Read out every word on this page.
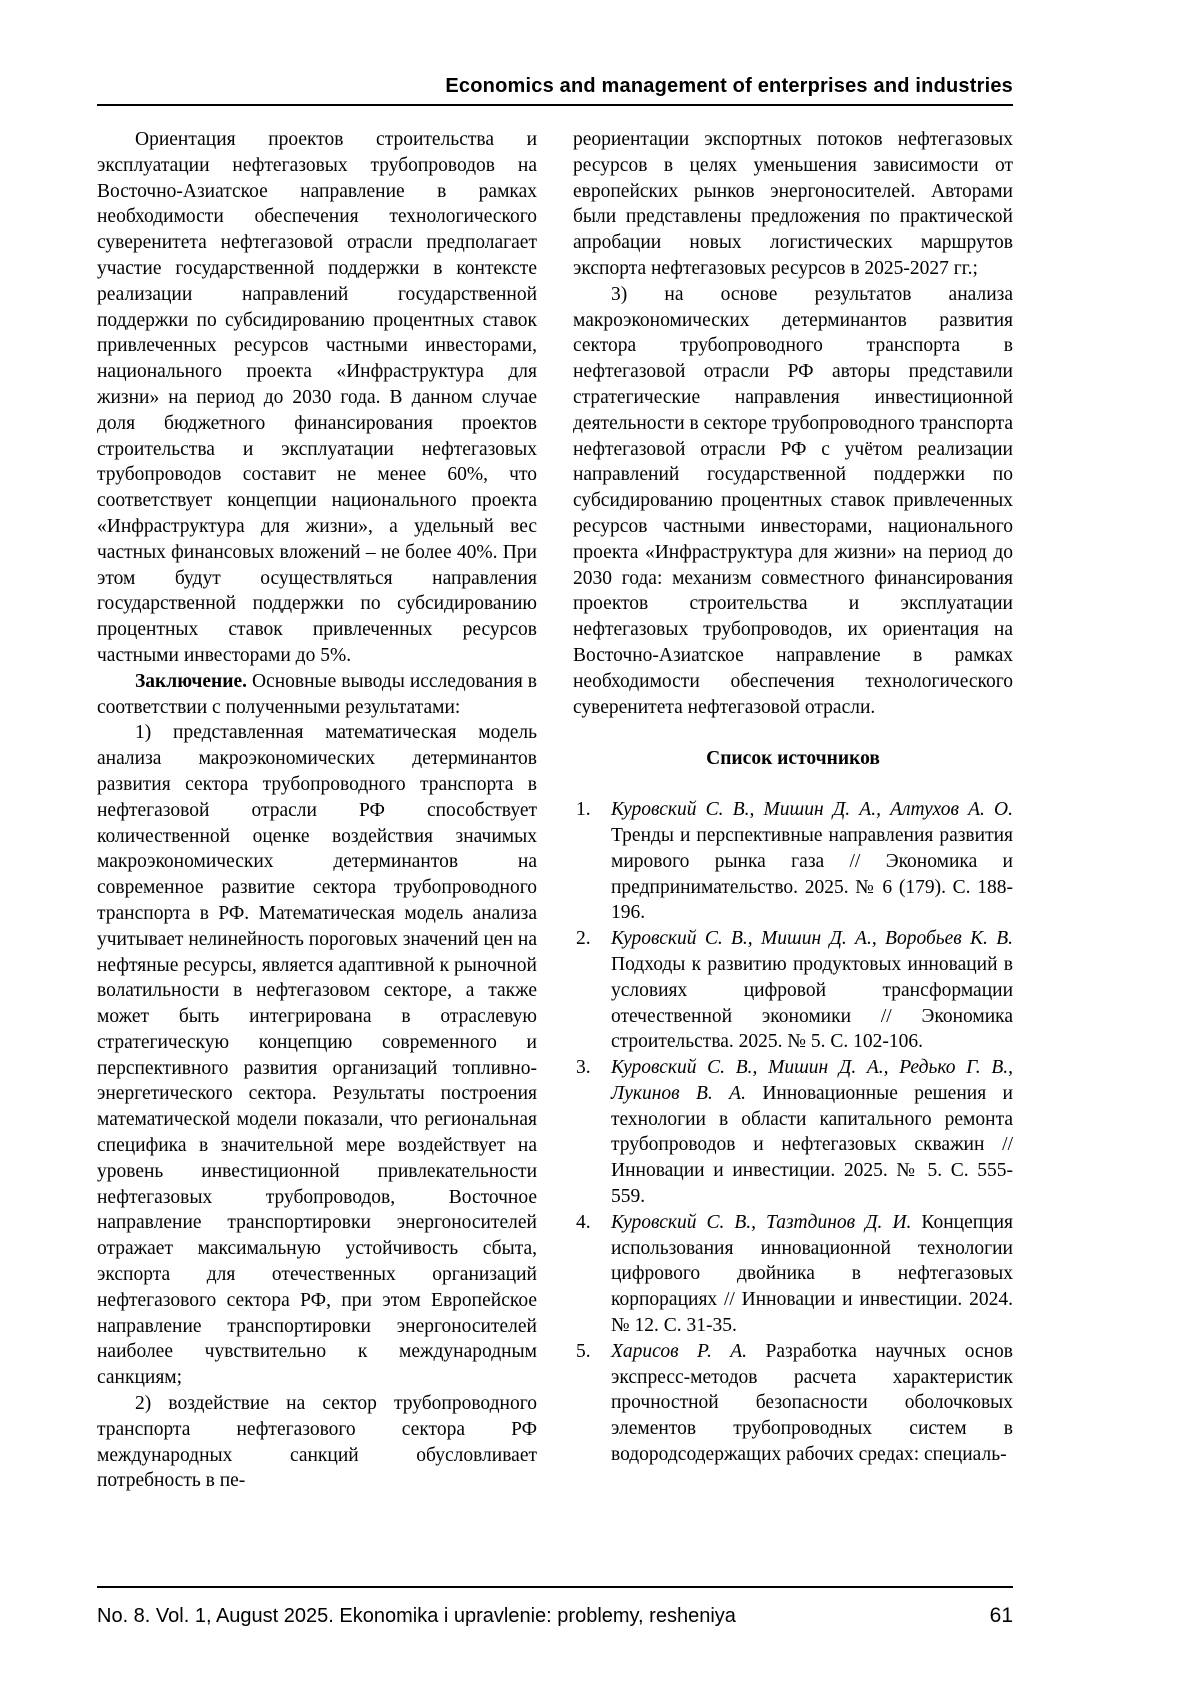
Economics and management of enterprises and industries

Ориентация проектов строительства и эксплуатации нефтегазовых трубопроводов на Восточно-Азиатское направление в рамках необходимости обеспечения технологического суверенитета нефтегазовой отрасли предполагает участие государственной поддержки в контексте реализации направлений государственной поддержки по субсидированию процентных ставок привлеченных ресурсов частными инвесторами, национального проекта «Инфраструктура для жизни» на период до 2030 года. В данном случае доля бюджетного финансирования проектов строительства и эксплуатации нефтегазовых трубопроводов составит не менее 60%, что соответствует концепции национального проекта «Инфраструктура для жизни», а удельный вес частных финансовых вложений – не более 40%. При этом будут осуществляться направления государственной поддержки по субсидированию процентных ставок привлеченных ресурсов частными инвесторами до 5%.

Заключение. Основные выводы исследования в соответствии с полученными результатами:

1) представленная математическая модель анализа макроэкономических детерминантов развития сектора трубопроводного транспорта в нефтегазовой отрасли РФ способствует количественной оценке воздействия значимых макроэкономических детерминантов на современное развитие сектора трубопроводного транспорта в РФ. Математическая модель анализа учитывает нелинейность пороговых значений цен на нефтяные ресурсы, является адаптивной к рыночной волатильности в нефтегазовом секторе, а также может быть интегрирована в отраслевую стратегическую концепцию современного и перспективного развития организаций топливно-энергетического сектора. Результаты построения математической модели показали, что региональная специфика в значительной мере воздействует на уровень инвестиционной привлекательности нефтегазовых трубопроводов, Восточное направление транспортировки энергоносителей отражает максимальную устойчивость сбыта, экспорта для отечественных организаций нефтегазового сектора РФ, при этом Европейское направление транспортировки энергоносителей наиболее чувствительно к международным санкциям;

2) воздействие на сектор трубопроводного транспорта нефтегазового сектора РФ международных санкций обусловливает потребность в пе-

реориентации экспортных потоков нефтегазовых ресурсов в целях уменьшения зависимости от европейских рынков энергоносителей. Авторами были представлены предложения по практической апробации новых логистических маршрутов экспорта нефтегазовых ресурсов в 2025-2027 гг.;

3) на основе результатов анализа макроэкономических детерминантов развития сектора трубопроводного транспорта в нефтегазовой отрасли РФ авторы представили стратегические направления инвестиционной деятельности в секторе трубопроводного транспорта нефтегазовой отрасли РФ с учётом реализации направлений государственной поддержки по субсидированию процентных ставок привлеченных ресурсов частными инвесторами, национального проекта «Инфраструктура для жизни» на период до 2030 года: механизм совместного финансирования проектов строительства и эксплуатации нефтегазовых трубопроводов, их ориентация на Восточно-Азиатское направление в рамках необходимости обеспечения технологического суверенитета нефтегазовой отрасли.

Список источников
1. Куровский С. В., Мишин Д. А., Алтухов А. О. Тренды и перспективные направления развития мирового рынка газа // Экономика и предпринимательство. 2025. № 6 (179). С. 188-196.
2. Куровский С. В., Мишин Д. А., Воробьев К. В. Подходы к развитию продуктовых инноваций в условиях цифровой трансформации отечественной экономики // Экономика строительства. 2025. № 5. С. 102-106.
3. Куровский С. В., Мишин Д. А., Редько Г. В., Лукинов В. А. Инновационные решения и технологии в области капитального ремонта трубопроводов и нефтегазовых скважин // Инновации и инвестиции. 2025. № 5. С. 555-559.
4. Куровский С. В., Тазтдинов Д. И. Концепция использования инновационной технологии цифрового двойника в нефтегазовых корпорациях // Инновации и инвестиции. 2024. № 12. С. 31-35.
5. Харисов Р. А. Разработка научных основ экспресс-методов расчета характеристик прочностной безопасности оболочковых элементов трубопроводных систем в водородсодержащих рабочих средах: специаль-
No. 8. Vol. 1, August 2025. Ekonomika i upravlenie: problemy, resheniya	61
